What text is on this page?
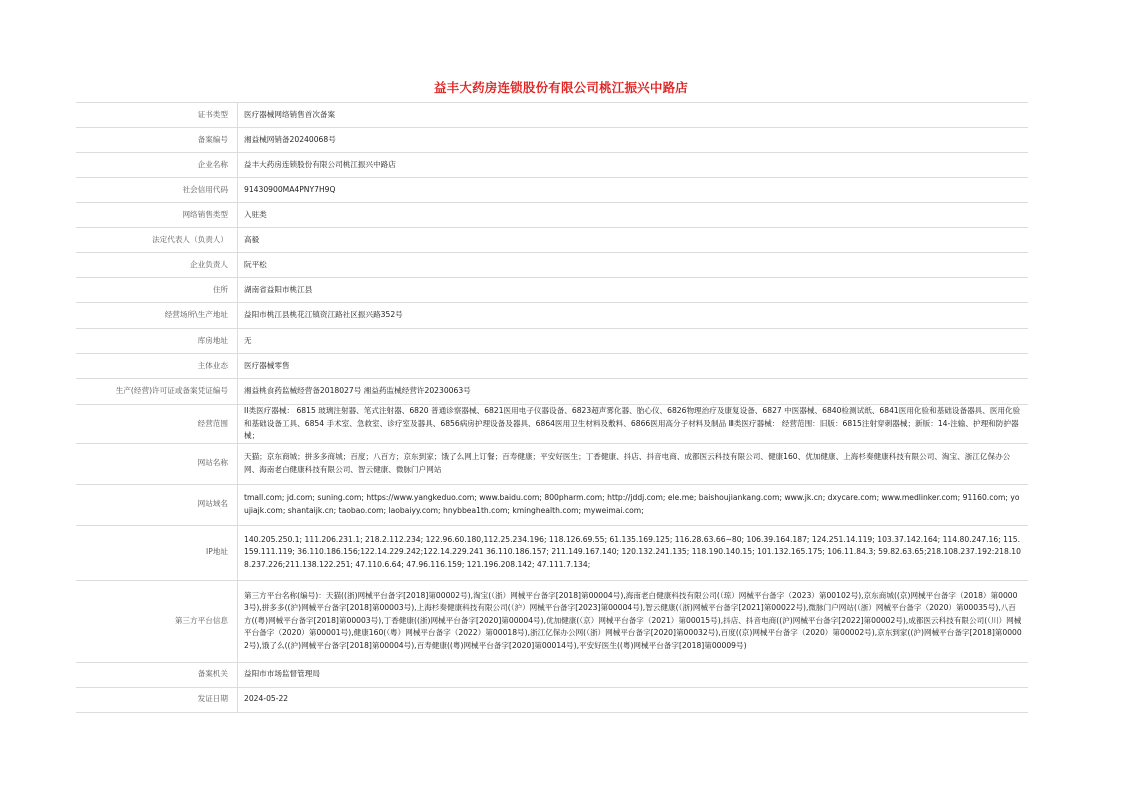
益丰大药房连锁股份有限公司桃江振兴中路店
证书类型	医疗器械网络销售首次备案
备案编号	湘益械网销备20240068号
企业名称	益丰大药房连锁股份有限公司桃江振兴中路店
社会信用代码	91430900MA4PNY7H9Q
网络销售类型	入驻类
法定代表人（负责人）	高毅
企业负责人	阮平松
住所	湖南省益阳市桃江县
经营场所\生产地址	益阳市桃江县桃花江镇资江路社区振兴路352号
库房地址	无
主体业态	医疗器械零售
生产(经营)许可证或备案凭证编号	湘益桃食药监械经营备2018027号 湘益药监械经营许20230063号
经营范围	II类医疗器械： 6815 玻璃注射器、笔式注射器、6820 普通诊察器械、6821医用电子仪器设备、6823超声雾化器、胎心仪、6826物理治疗及康复设备、6827 中医器械、6840检测试纸、6841医用化验和基础设备器具、医用化验和基础设备工具、6854 手术室、急救室、诊疗室及器具、6856病房护理设备及器具、6864医用卫生材料及敷料、6866医用高分子材料及制品 Ⅲ类医疗器械： 经营范围：旧版：6815注射穿刺器械；新版：14-注输、护理和防护器械；
网站名称	天猫；京东商城；拼多多商城；百度；八百方；京东到家；饿了么网上订餐；百寿健康；平安好医生；丁香健康、抖店、抖音电商、成都医云科技有限公司、健康160、优加健康、上海杉奏健康科技有限公司、淘宝、浙江亿保办公网、海南老白健康科技有限公司、智云健康、微脉门户网站
网站域名	tmall.com; jd.com; suning.com; https://www.yangkeduo.com; www.baidu.com; 800pharm.com; http://jddj.com; ele.me; baishoujiankang.com; www.jk.cn; dxycare.com; www.medlinker.com; 91160.com; youjiajk.com; shantaijk.cn; taobao.com; laobaiyy.com; hnybbea1th.com; kminghealth.com; myweimai.com;
IP地址	140.205.250.1; 111.206.231.1; 218.2.112.234; 122.96.60.180,112.25.234.196; 118.126.69.55; 61.135.169.125; 116.28.63.66~80; 106.39.164.187; 124.251.14.119; 103.37.142.164; 114.80.247.16; 115.159.111.119; 36.110.186.156;122.14.229.242;122.14.229.241 36.110.186.157; 211.149.167.140; 120.132.241.135; 118.190.140.15; 101.132.165.175; 106.11.84.3; 59.82.63.65;218.108.237.192:218.108.237.226;211.138.122.251; 47.110.6.64; 47.96.116.159; 121.196.208.142; 47.111.7.134;
第三方平台信息	第三方平台名称(编号)：天猫((浙)网械平台备字[2018]第00002号),淘宝(（浙）网械平台备字[2018]第00004号),海南老白健康科技有限公司(（琼）网械平台备字（2023）第00102号),京东商城((京)网械平台备字（2018）第00003号),拼多多((沪)网械平台备字[2018]第00003号),上海杉奏健康科技有限公司(（沪）网械平台备字[2023]第00004号),智云健康(（浙)网械平台备字[2021]第00022号),微脉门户网站(（浙）网械平台备字（2020）第00035号),八百方((粤)网械平台备字[2018]第00003号),丁香健康((浙)网械平台备字[2020]第00004号),优加健康(（京）网械平台备字（2021）第00015号),抖店、抖音电商((沪)网械平台备字[2022]第00002号),成都医云科技有限公司(（川）网械平台备字（2020）第00001号),健康160(（粤）网械平台备字（2022）第00018号),浙江亿保办公网(（浙）网械平台备字[2020]第00032号),百度((京)网械平台备字（2020）第00002号),京东到家((沪)网械平台备字[2018]第00002号),饿了么((沪)网械平台备字[2018]第00004号),百寿健康((粤)网械平台备字[2020]第00014号),平安好医生((粤)网械平台备字[2018]第00009号)
备案机关	益阳市市场监督管理局
发证日期	2024-05-22
